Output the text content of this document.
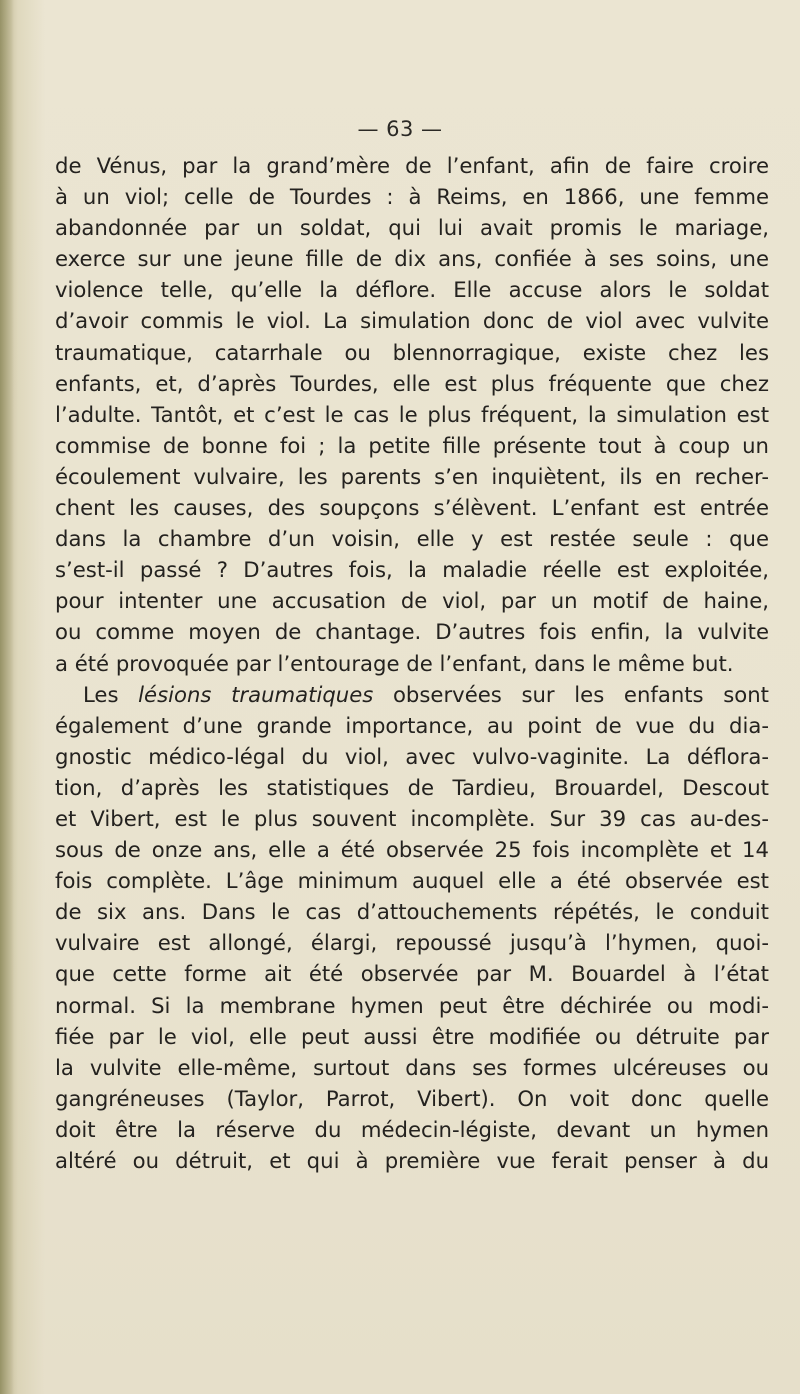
— 63 —
de Vénus, par la grand’mère de l’enfant, afin de faire croire
à un viol; celle de Tourdes : à Reims, en 1866, une femme
abandonnée par un soldat, qui lui avait promis le mariage,
exerce sur une jeune fille de dix ans, confiée à ses soins, une
violence telle, qu’elle la déflore. Elle accuse alors le soldat
d’avoir commis le viol. La simulation donc de viol avec vulvite
traumatique, catarrhale ou blennorragique, existe chez les
enfants, et, d’après Tourdes, elle est plus fréquente que chez
l’adulte. Tantôt, et c’est le cas le plus fréquent, la simulation est
commise de bonne foi ; la petite fille présente tout à coup un
écoulement vulvaire, les parents s’en inquiètent, ils en recher-
chent les causes, des soupçons s’élèvent. L’enfant est entrée
dans la chambre d’un voisin, elle y est restée seule : que
s’est-il passé ? D’autres fois, la maladie réelle est exploitée,
pour intenter une accusation de viol, par un motif de haine,
ou comme moyen de chantage. D’autres fois enfin, la vulvite
a été provoquée par l’entourage de l’enfant, dans le même but.
Les lésions traumatiques observées sur les enfants sont
également d’une grande importance, au point de vue du dia-
gnostic médico-légal du viol, avec vulvo-vaginite. La déflora-
tion, d’après les statistiques de Tardieu, Brouardel, Descout
et Vibert, est le plus souvent incomplète. Sur 39 cas au-des-
sous de onze ans, elle a été observée 25 fois incomplète et 14
fois complète. L’âge minimum auquel elle a été observée est
de six ans. Dans le cas d’attouchements répétés, le conduit
vulvaire est allongé, élargi, repoussé jusqu’à l’hymen, quoi-
que cette forme ait été observée par M. Bouardel à l’état
normal. Si la membrane hymen peut être déchirée ou modi-
fiée par le viol, elle peut aussi être modifiée ou détruite par
la vulvite elle-même, surtout dans ses formes ulcéreuses ou
gangréneuses (Taylor, Parrot, Vibert). On voit donc quelle
doit être la réserve du médecin-légiste, devant un hymen
altéré ou détruit, et qui à première vue ferait penser à du
